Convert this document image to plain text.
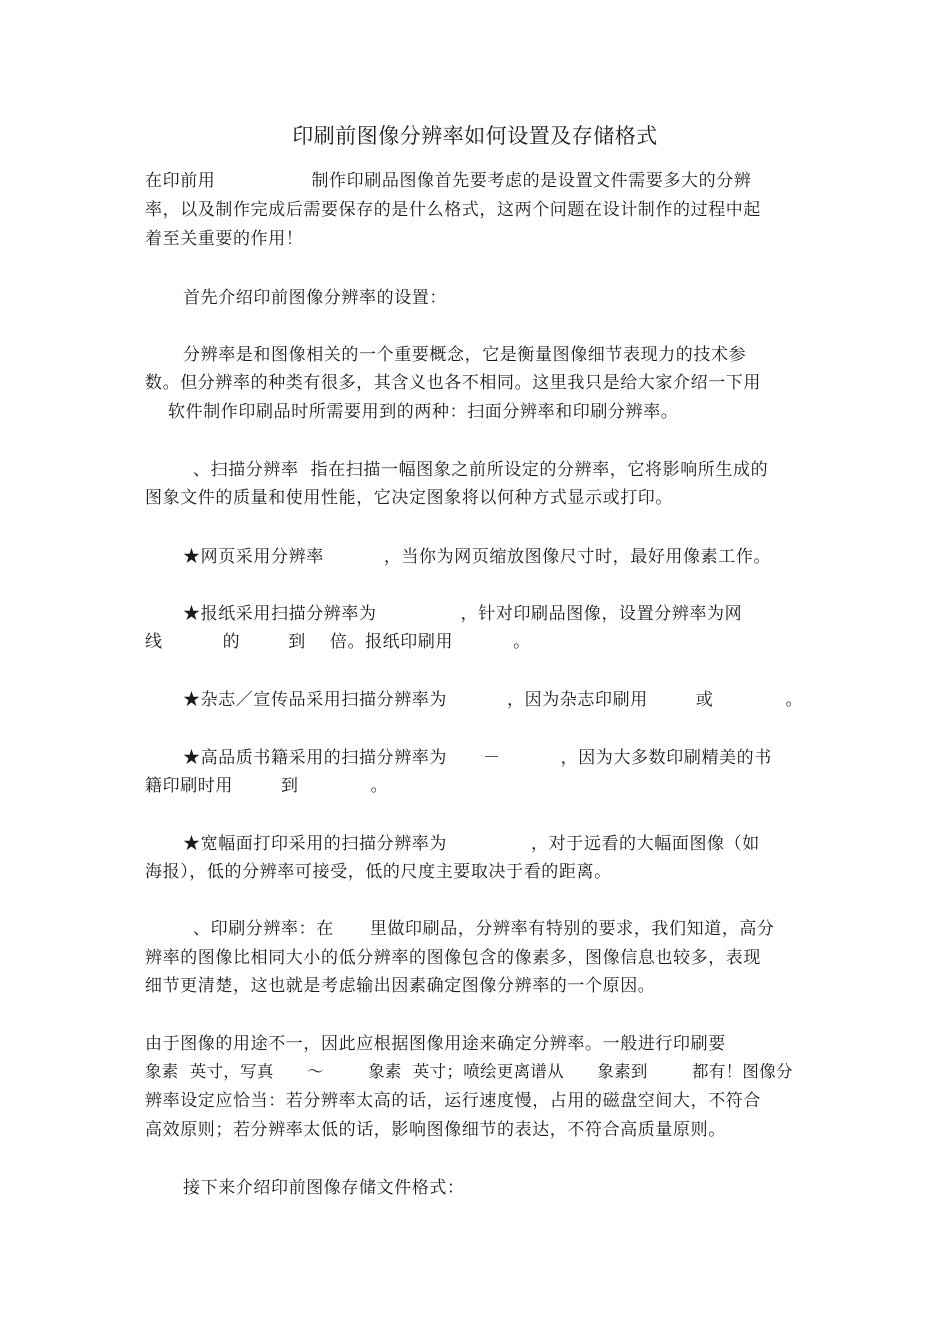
印刷前图像分辨率如何设置及存储格式
在印前用                制作印刷品图像首先要考虑的是设置文件需要多大的分辨
率，以及制作完成后需要保存的是什么格式，这两个问题在设计制作的过程中起
着至关重要的作用！
首先介绍印前图像分辨率的设置：
分辨率是和图像相关的一个重要概念，它是衡量图像细节表现力的技术参
数。但分辨率的种类有很多，其含义也各不相同。这里我只是给大家介绍一下用
软件制作印刷品时所需要用到的两种：扫面分辨率和印刷分辨率。
、扫描分辨率  指在扫描一幅图象之前所设定的分辨率，它将影响所生成的
图象文件的质量和使用性能，它决定图象将以何种方式显示或打印。
★网页采用分辨率          ，当你为网页缩放图像尺寸时，最好用像素工作。
★报纸采用扫描分辨率为              ，针对印刷品图像，设置分辨率为网
线          的        到    倍。报纸印刷用          。
★杂志／宣传品采用扫描分辨率为          ，因为杂志印刷用        或            。
★高品质书籍采用的扫描分辨率为      －          ，因为大多数印刷精美的书
籍印刷时用        到            。
★宽幅面打印采用的扫描分辨率为              ，对于远看的大幅面图像（如
海报），低的分辨率可接受，低的尺度主要取决于看的距离。
、印刷分辨率：在      里做印刷品，分辨率有特别的要求，我们知道，高分
辨率的图像比相同大小的低分辨率的图像包含的像素多，图像信息也较多，表现
细节更清楚，这也就是考虑输出因素确定图像分辨率的一个原因。
由于图像的用途不一，因此应根据图像用途来确定分辨率。一般进行印刷要
象素  英寸，写真      ～        象素  英寸；喷绘更离谱从      象素到        都有！图像分
辨率设定应恰当：若分辨率太高的话，运行速度慢，占用的磁盘空间大，不符合
高效原则；若分辨率太低的话，影响图像细节的表达，不符合高质量原则。
接下来介绍印前图像存储文件格式：
